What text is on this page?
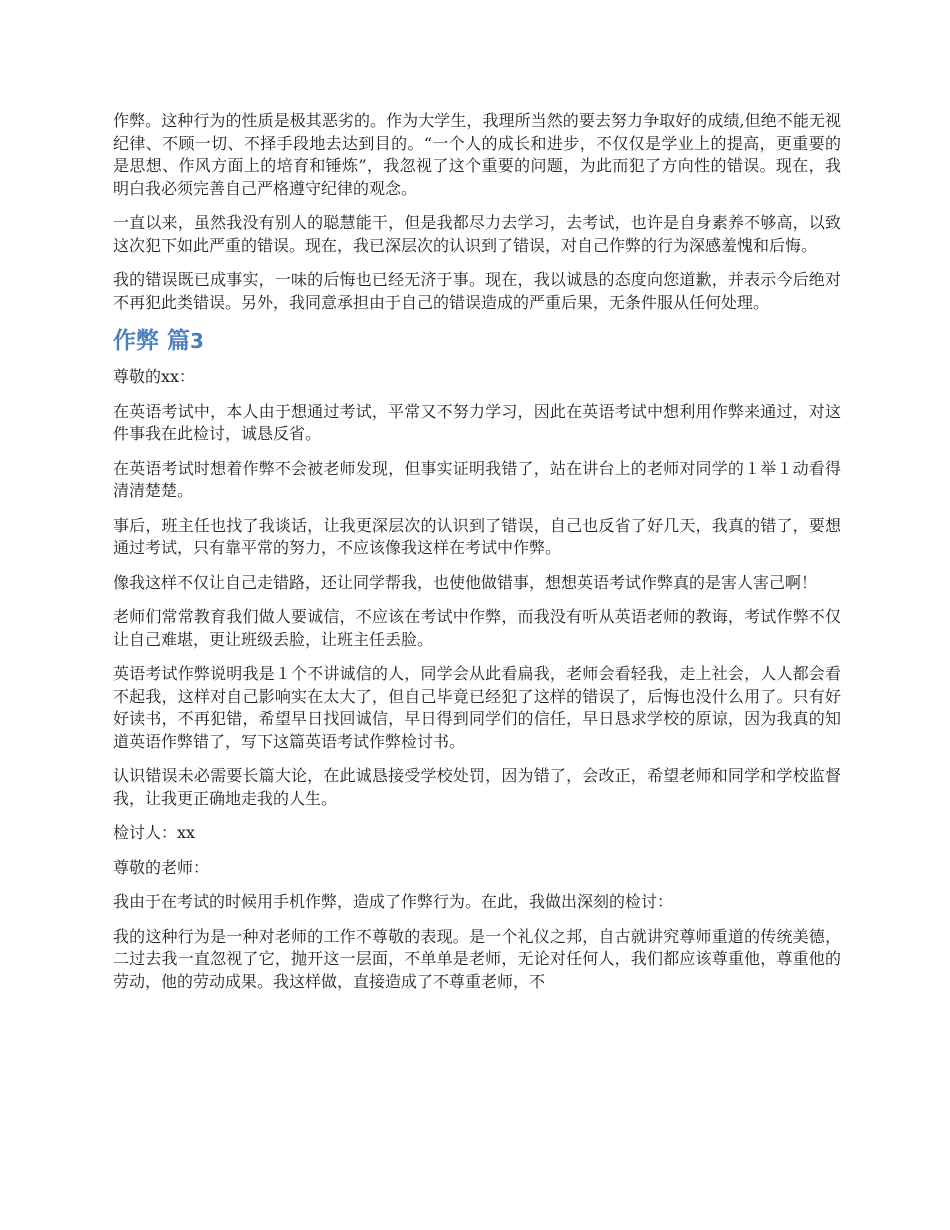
作弊。这种行为的性质是极其恶劣的。作为大学生，我理所当然的要去努力争取好的成绩,但绝不能无视纪律、不顾一切、不择手段地去达到目的。“一个人的成长和进步，不仅仅是学业上的提高，更重要的是思想、作风方面上的培育和锤炼”，我忽视了这个重要的问题，为此而犯了方向性的错误。现在，我明白我必须完善自己严格遵守纪律的观念。

一直以来，虽然我没有别人的聪慧能干，但是我都尽力去学习，去考试，也许是自身素养不够高，以致这次犯下如此严重的错误。现在，我已深层次的认识到了错误，对自己作弊的行为深感羞愧和后悔。

我的错误既已成事实，一味的后悔也已经无济于事。现在，我以诚恳的态度向您道歉，并表示今后绝对不再犯此类错误。另外，我同意承担由于自己的错误造成的严重后果，无条件服从任何处理。

作弊 篇3

尊敬的xx：

在英语考试中，本人由于想通过考试，平常又不努力学习，因此在英语考试中想利用作弊来通过，对这件事我在此检讨，诚恳反省。

在英语考试时想着作弊不会被老师发现，但事实证明我错了，站在讲台上的老师对同学的１举１动看得清清楚楚。

事后，班主任也找了我谈话，让我更深层次的认识到了错误，自己也反省了好几天，我真的错了，要想通过考试，只有靠平常的努力，不应该像我这样在考试中作弊。

像我这样不仅让自己走错路，还让同学帮我，也使他做错事，想想英语考试作弊真的是害人害己啊！

老师们常常教育我们做人要诚信，不应该在考试中作弊，而我没有听从英语老师的教诲，考试作弊不仅让自己难堪，更让班级丢脸，让班主任丢脸。

英语考试作弊说明我是１个不讲诚信的人，同学会从此看扁我，老师会看轻我，走上社会，人人都会看不起我，这样对自己影响实在太大了，但自己毕竟已经犯了这样的错误了，后悔也没什么用了。只有好好读书，不再犯错，希望早日找回诚信，早日得到同学们的信任，早日恳求学校的原谅，因为我真的知道英语作弊错了，写下这篇英语考试作弊检讨书。

认识错误未必需要长篇大论，在此诚恳接受学校处罚，因为错了，会改正，希望老师和同学和学校监督我，让我更正确地走我的人生。

检讨人：xx

尊敬的老师：

我由于在考试的时候用手机作弊，造成了作弊行为。在此，我做出深刻的检讨：

我的这种行为是一种对老师的工作不尊敬的表现。是一个礼仪之邦，自古就讲究尊师重道的传统美德，二过去我一直忽视了它，抛开这一层面，不单单是老师，无论对任何人，我们都应该尊重他，尊重他的劳动，他的劳动成果。我这样做，直接造成了不尊重老师，不
